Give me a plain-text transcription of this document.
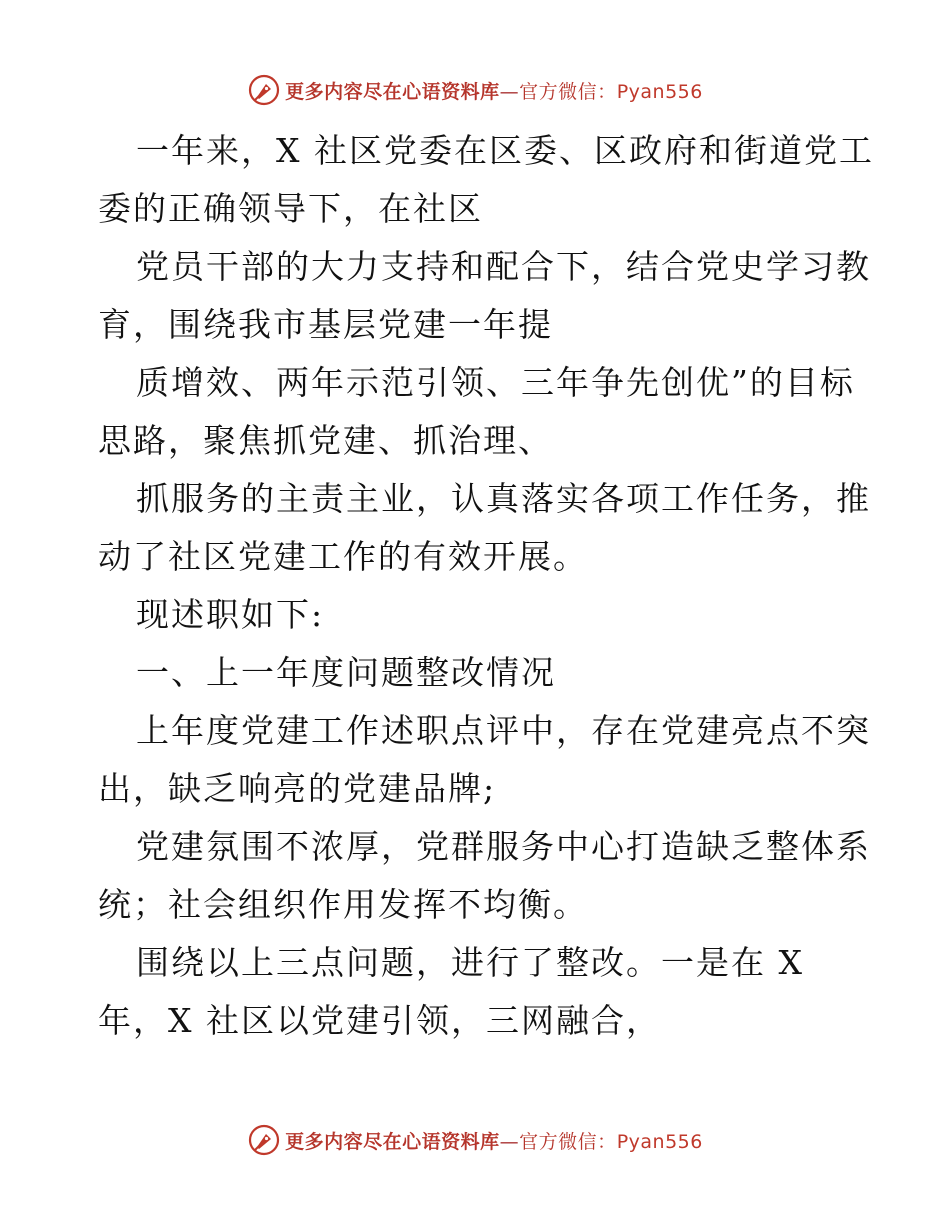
更多内容尽在心语资料库—官方微信：Pyan556
一年来，X 社区党委在区委、区政府和街道党工
委的正确领导下，在社区
党员干部的大力支持和配合下，结合党史学习教
育，围绕我市基层党建一年提
质增效、两年示范引领、三年争先创优”的目标
思路，聚焦抓党建、抓治理、
抓服务的主责主业，认真落实各项工作任务，推
动了社区党建工作的有效开展。
现述职如下:
一、上一年度问题整改情况
上年度党建工作述职点评中，存在党建亮点不突
出，缺乏响亮的党建品牌;
党建氛围不浓厚，党群服务中心打造缺乏整体系
统；社会组织作用发挥不均衡。
围绕以上三点问题，进行了整改。一是在 X
年，X 社区以党建引领，三网融合，
更多内容尽在心语资料库—官方微信：Pyan556
